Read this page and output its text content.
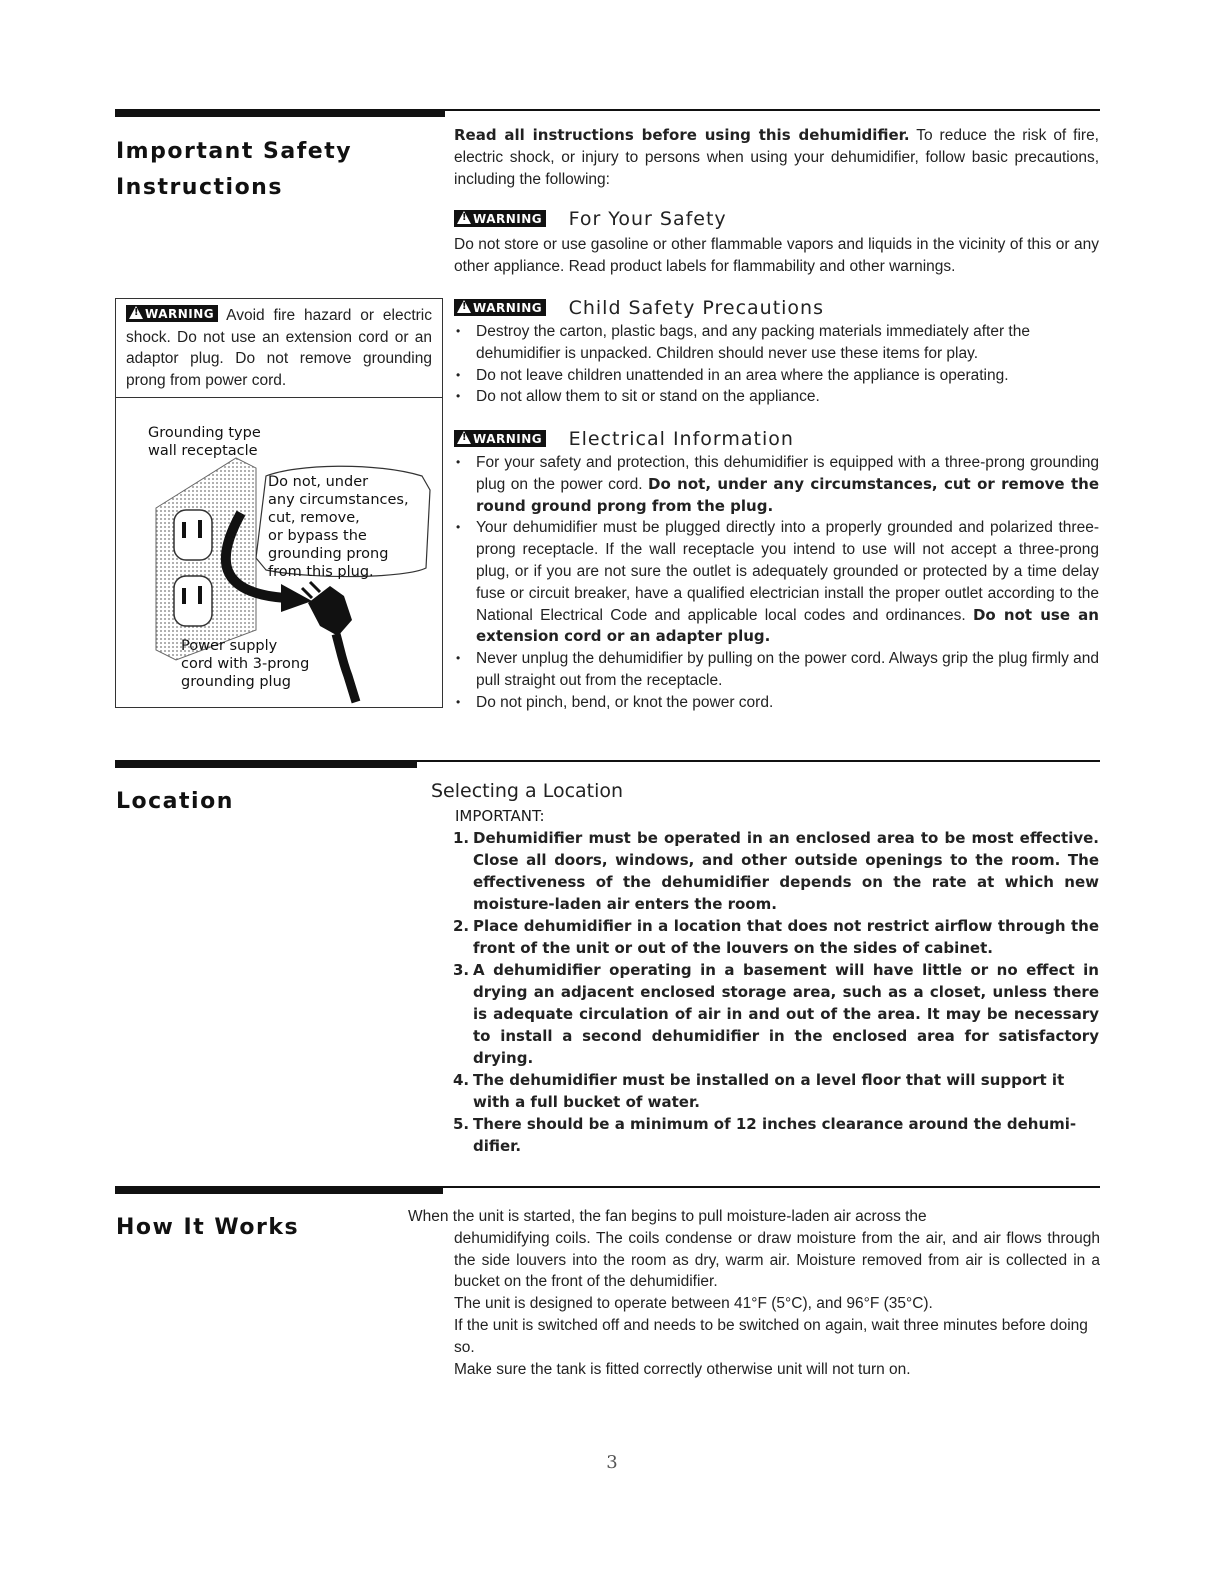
Important Safety
Instructions
Read all instructions before using this dehumidifier. To reduce the risk of fire, electric shock, or injury to persons when using your dehumidifier, follow basic precautions, including the following:
!WARNING For Your Safety
Do not store or use gasoline or other flammable vapors and liquids in the vicinity of this or any other appliance. Read product labels for flammability and other warnings.
!WARNING Child Safety Precautions
• Destroy the carton, plastic bags, and any packing materials immediately after the dehumidifier is unpacked. Children should never use these items for play.
• Do not leave children unattended in an area where the appliance is operating.
• Do not allow them to sit or stand on the appliance.
!WARNING Electrical Information
• For your safety and protection, this dehumidifier is equipped with a three-prong grounding plug on the power cord. Do not, under any circumstances, cut or remove the round ground prong from the plug.
• Your dehumidifier must be plugged directly into a properly grounded and polarized three-prong receptacle. If the wall receptacle you intend to use will not accept a three-prong plug, or if you are not sure the outlet is adequately grounded or protected by a time delay fuse or circuit breaker, have a qualified electrician install the proper outlet according to the National Electrical Code and applicable local codes and ordinances. Do not use an extension cord or an adapter plug.
• Never unplug the dehumidifier by pulling on the power cord. Always grip the plug firmly and pull straight out from the receptacle.
• Do not pinch, bend, or knot the power cord.
!WARNING Avoid fire hazard or electric shock. Do not use an extension cord or an adaptor plug. Do not remove grounding prong from power cord.
Grounding type
wall receptacle
Do not, under
any circumstances,
cut, remove,
or bypass the
grounding prong
from this plug.
Power supply
cord with 3-prong
grounding plug
Location	Selecting a Location
IMPORTANT:
1. Dehumidifier must be operated in an enclosed area to be most effective. Close all doors, windows, and other outside openings to the room. The effectiveness of the dehumidifier depends on the rate at which new moisture-laden air enters the room.
2. Place dehumidifier in a location that does not restrict airflow through the front of the unit or out of the louvers on the sides of cabinet.
3. A dehumidifier operating in a basement will have little or no effect in drying an adjacent enclosed storage area, such as a closet, unless there is adequate circulation of air in and out of the area. It may be necessary to install a second dehumidifier in the enclosed area for satisfactory drying.
4. The dehumidifier must be installed on a level floor that will support it with a full bucket of water.
5. There should be a minimum of 12 inches clearance around the dehumi-difier.
How It Works	When the unit is started, the fan begins to pull moisture-laden air across the
dehumidifying coils. The coils condense or draw moisture from the air, and air flows through the side louvers into the room as dry, warm air. Moisture removed from air is collected in a bucket on the front of the dehumidifier.
The unit is designed to operate between 41°F (5°C), and 96°F (35°C).
If the unit is switched off and needs to be switched on again, wait three minutes before doing so.
Make sure the tank is fitted correctly otherwise unit will not turn on.
3
